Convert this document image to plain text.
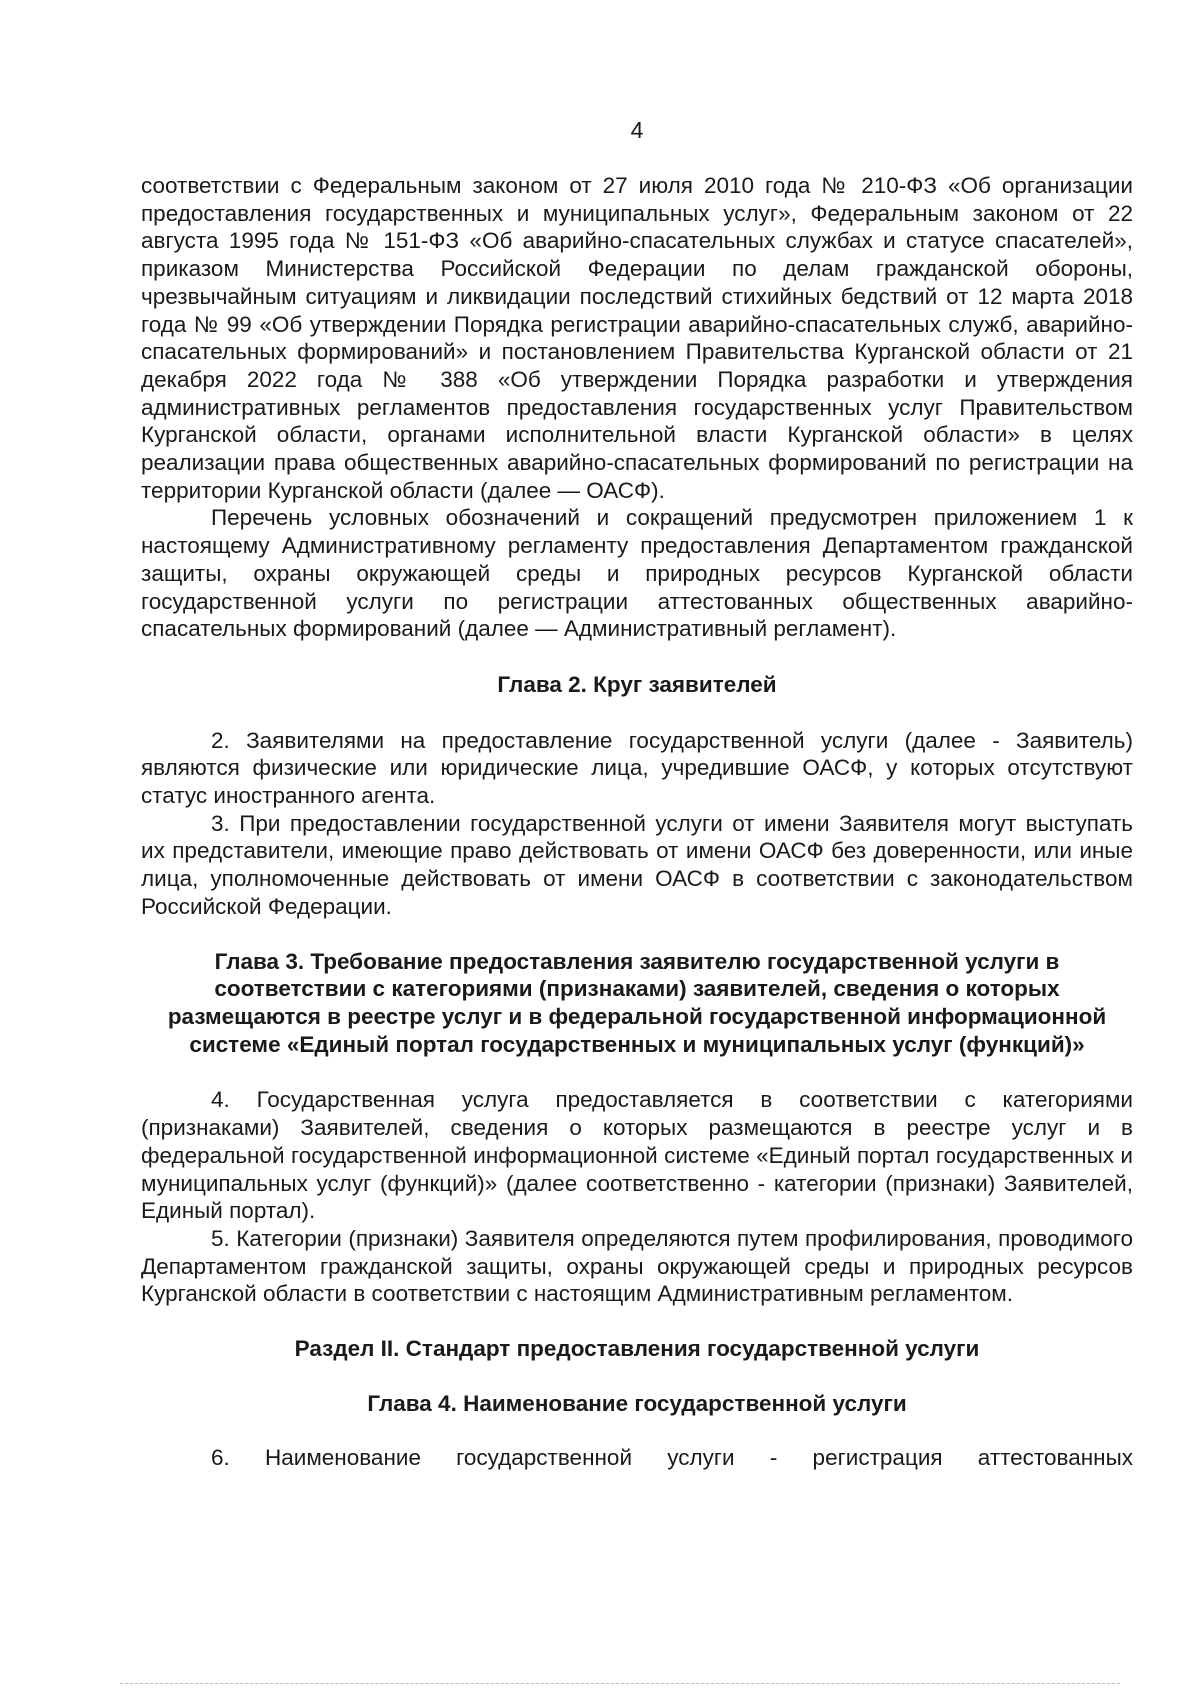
4

соответствии с Федеральным законом от 27 июля 2010 года № 210-ФЗ «Об организации предоставления государственных и муниципальных услуг», Федеральным законом от 22 августа 1995 года № 151-ФЗ «Об аварийно-спасательных службах и статусе спасателей», приказом Министерства Российской Федерации по делам гражданской обороны, чрезвычайным ситуациям и ликвидации последствий стихийных бедствий от 12 марта 2018 года № 99 «Об утверждении Порядка регистрации аварийно-спасательных служб, аварийно-спасательных формирований» и постановлением Правительства Курганской области от 21 декабря 2022 года № 388 «Об утверждении Порядка разработки и утверждения административных регламентов предоставления государственных услуг Правительством Курганской области, органами исполнительной власти Курганской области» в целях реализации права общественных аварийно-спасательных формирований по регистрации на территории Курганской области (далее — ОАСФ).

Перечень условных обозначений и сокращений предусмотрен приложением 1 к настоящему Административному регламенту предоставления Департаментом гражданской защиты, охраны окружающей среды и природных ресурсов Курганской области государственной услуги по регистрации аттестованных общественных аварийно-спасательных формирований (далее — Административный регламент).

Глава 2. Круг заявителей

2. Заявителями на предоставление государственной услуги (далее - Заявитель) являются физические или юридические лица, учредившие ОАСФ, у которых отсутствуют статус иностранного агента.

3. При предоставлении государственной услуги от имени Заявителя могут выступать их представители, имеющие право действовать от имени ОАСФ без доверенности, или иные лица, уполномоченные действовать от имени ОАСФ в соответствии с законодательством Российской Федерации.

Глава 3. Требование предоставления заявителю государственной услуги в соответствии с категориями (признаками) заявителей, сведения о которых размещаются в реестре услуг и в федеральной государственной информационной системе «Единый портал государственных и муниципальных услуг (функций)»

4. Государственная услуга предоставляется в соответствии с категориями (признаками) Заявителей, сведения о которых размещаются в реестре услуг и в федеральной государственной информационной системе «Единый портал государственных и муниципальных услуг (функций)» (далее соответственно - категории (признаки) Заявителей, Единый портал).

5. Категории (признаки) Заявителя определяются путем профилирования, проводимого Департаментом гражданской защиты, охраны окружающей среды и природных ресурсов Курганской области в соответствии с настоящим Административным регламентом.

Раздел II. Стандарт предоставления государственной услуги
Глава 4. Наименование государственной услуги

6. Наименование государственной услуги - регистрация аттестованных
